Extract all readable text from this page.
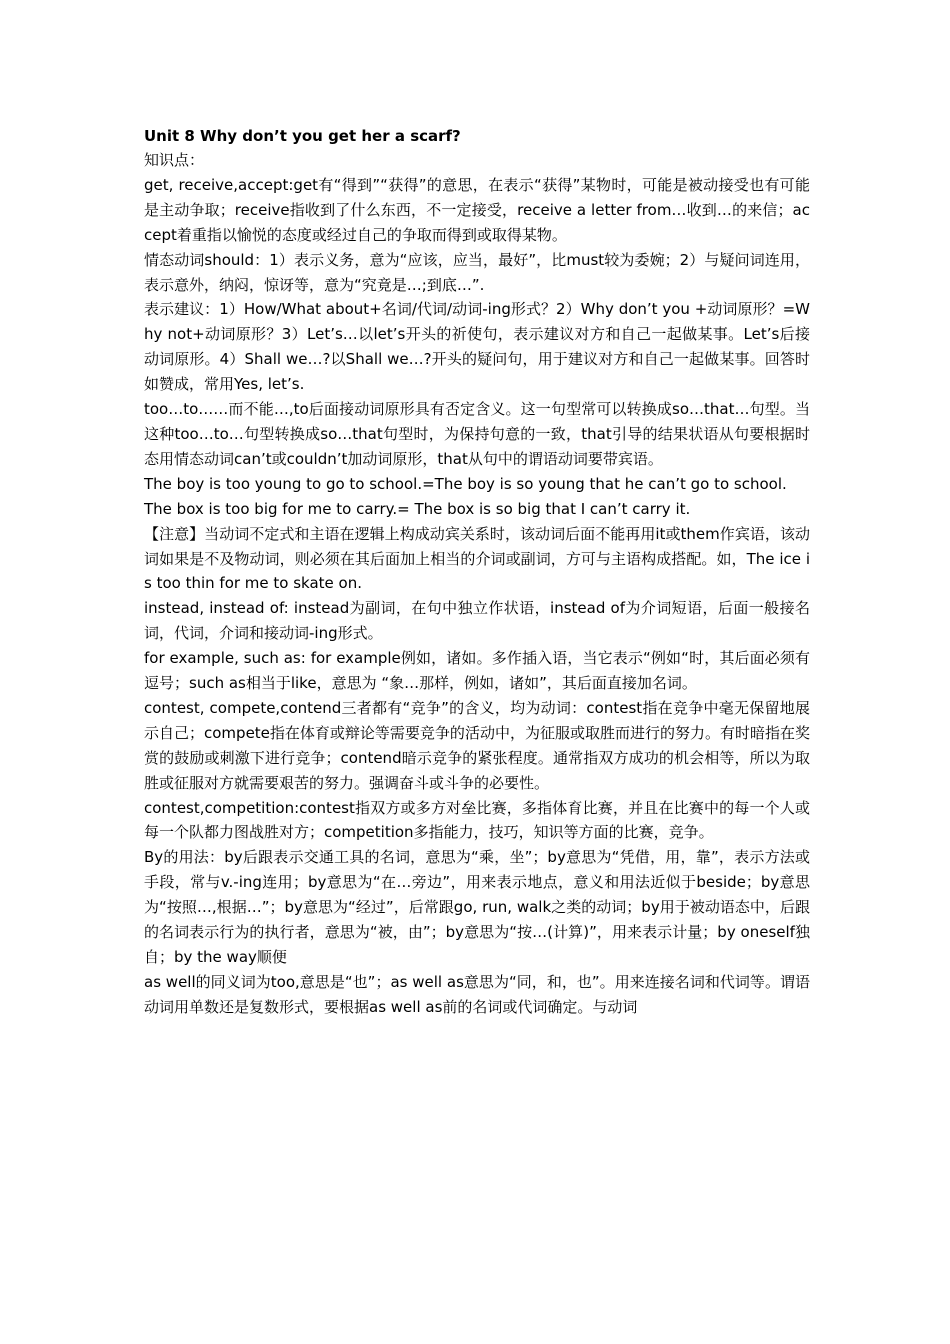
Unit 8 Why don’t you get her a scarf?

知识点：

get, receive,accept:get有“得到”“获得”的意思，在表示“获得”某物时，可能是被动接受也有可能是主动争取；receive指收到了什么东西，不一定接受，receive a letter from…收到…的来信；accept着重指以愉悦的态度或经过自己的争取而得到或取得某物。

情态动词should：1）表示义务，意为“应该，应当，最好”，比must较为委婉；2）与疑问词连用，表示意外，纳闷，惊讶等，意为“究竟是…;到底…”.

表示建议：1）How/What about+名词/代词/动词-ing形式？2）Why don’t you +动词原形？=Why not+动词原形？3）Let’s…以let’s开头的祈使句，表示建议对方和自己一起做某事。Let’s后接动词原形。4）Shall we…?以Shall we…?开头的疑问句，用于建议对方和自己一起做某事。回答时如赞成，常用Yes, let’s.

too…to……而不能…,to后面接动词原形具有否定含义。这一句型常可以转换成so…that…句型。当这种too…to…句型转换成so…that句型时，为保持句意的一致，that引导的结果状语从句要根据时态用情态动词can’t或couldn’t加动词原形，that从句中的谓语动词要带宾语。

The boy is too young to go to school.=The boy is so young that he can’t go to school.

The box is too big for me to carry.= The box is so big that I can’t carry it.

【注意】当动词不定式和主语在逻辑上构成动宾关系时，该动词后面不能再用it或them作宾语，该动词如果是不及物动词，则必须在其后面加上相当的介词或副词，方可与主语构成搭配。如，The ice is too thin for me to skate on.

instead, instead of: instead为副词，在句中独立作状语，instead of为介词短语，后面一般接名词，代词，介词和接动词-ing形式。

for example, such as: for example例如，诸如。多作插入语，当它表示“例如“时，其后面必须有逗号；such as相当于like，意思为 “象…那样，例如，诸如”，其后面直接加名词。

contest, compete,contend三者都有“竞争”的含义，均为动词：contest指在竞争中毫无保留地展示自己；compete指在体育或辩论等需要竞争的活动中，为征服或取胜而进行的努力。有时暗指在奖赏的鼓励或刺激下进行竞争；contend暗示竞争的紧张程度。通常指双方成功的机会相等，所以为取胜或征服对方就需要艰苦的努力。强调奋斗或斗争的必要性。

contest,competition:contest指双方或多方对垒比赛，多指体育比赛，并且在比赛中的每一个人或每一个队都力图战胜对方；competition多指能力，技巧，知识等方面的比赛，竞争。

By的用法：by后跟表示交通工具的名词，意思为“乘，坐”；by意思为“凭借，用，靠”，表示方法或手段，常与v.-ing连用；by意思为“在…旁边”，用来表示地点，意义和用法近似于beside；by意思为“按照…,根据…”；by意思为“经过”，后常跟go, run, walk之类的动词；by用于被动语态中，后跟的名词表示行为的执行者，意思为“被，由”；by意思为“按…(计算)”，用来表示计量；by oneself独自；by the way顺便

as well的同义词为too,意思是“也”；as well as意思为“同，和，也”。用来连接名词和代词等。谓语动词用单数还是复数形式，要根据as well as前的名词或代词确定。与动词
